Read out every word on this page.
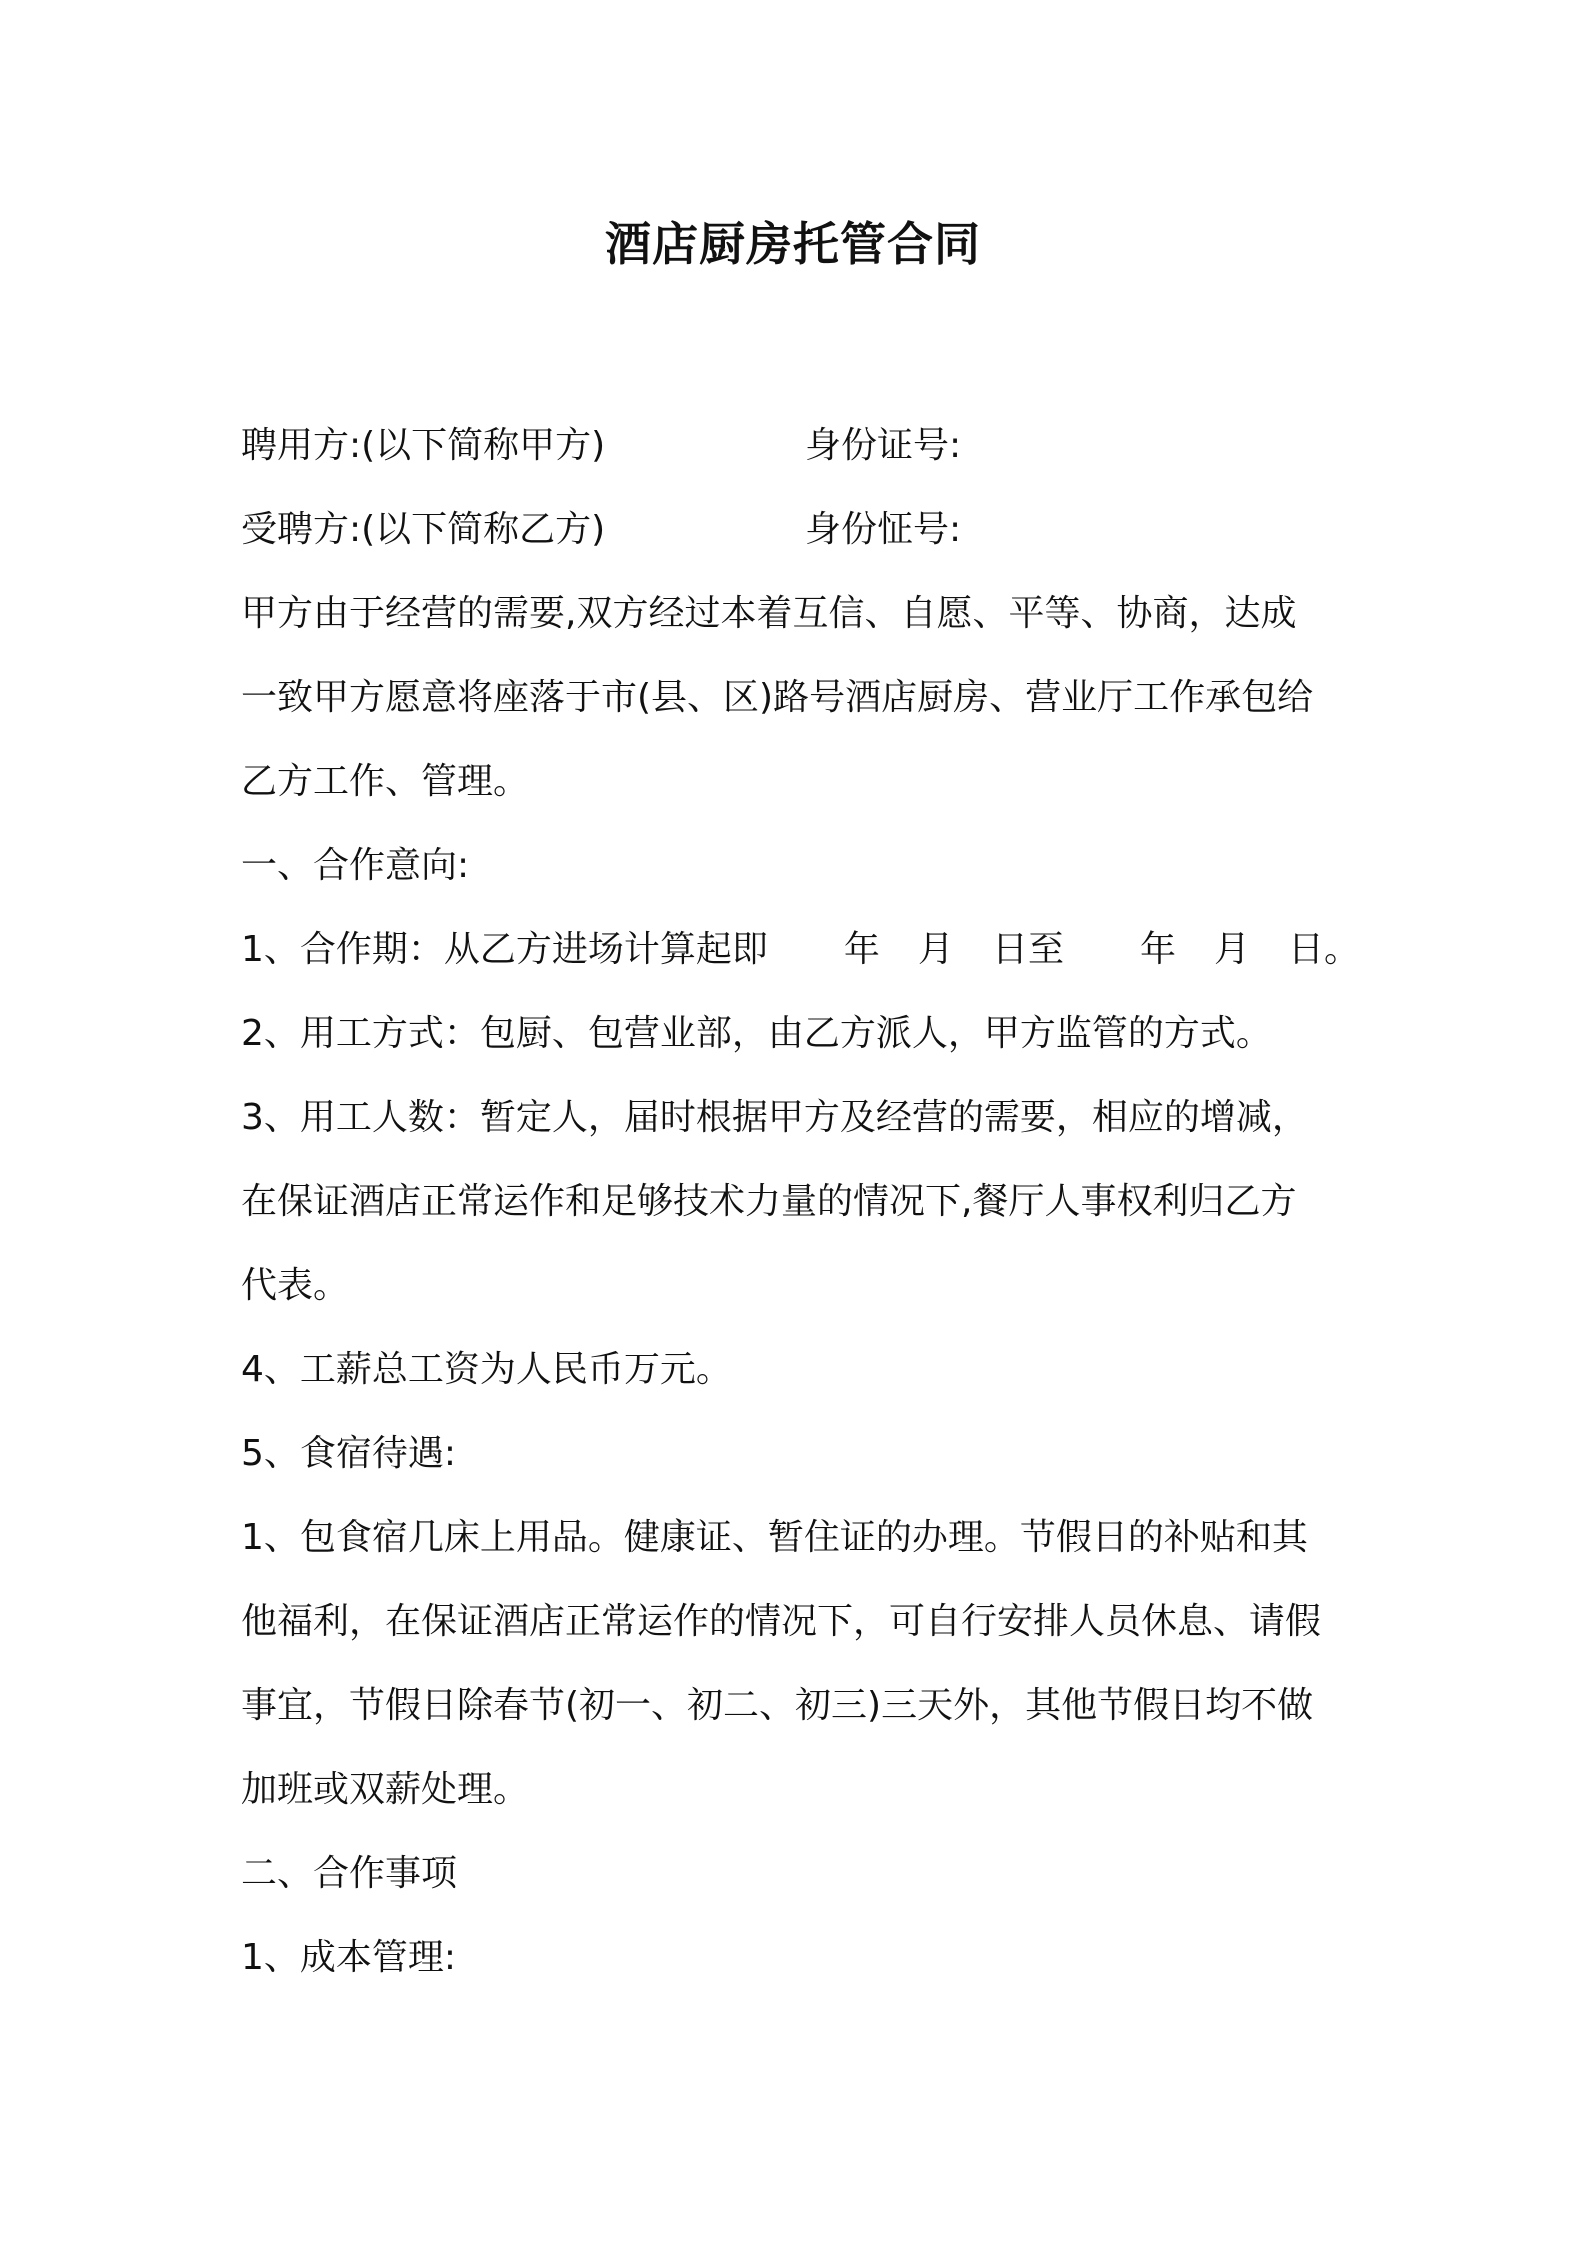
酒店厨房托管合同
聘用方:(以下简称甲方)	身份证号:
受聘方:(以下简称乙方)	身份怔号:
甲方由于经营的需要,双方经过本着互信、自愿、平等、协商，达成
一致甲方愿意将座落于市(县、区)路号酒店厨房、营业厅工作承包给
乙方工作、管理。
一、合作意向:
1、合作期：从乙方进场计算起即 年 月 日至 年 月 日。
2、用工方式：包厨、包营业部，由乙方派人，甲方监管的方式。
3、用工人数：暂定人，届时根据甲方及经营的需要，相应的增减，
在保证酒店正常运作和足够技术力量的情况下,餐厅人事权利归乙方
代表。
4、工薪总工资为人民币万元。
5、食宿待遇:
1、包食宿几床上用品。健康证、暂住证的办理。节假日的补贴和其
他福利，在保证酒店正常运作的情况下，可自行安排人员休息、请假
事宜，节假日除春节(初一、初二、初三)三天外，其他节假日均不做
加班或双薪处理。
二、合作事项
1、成本管理:
